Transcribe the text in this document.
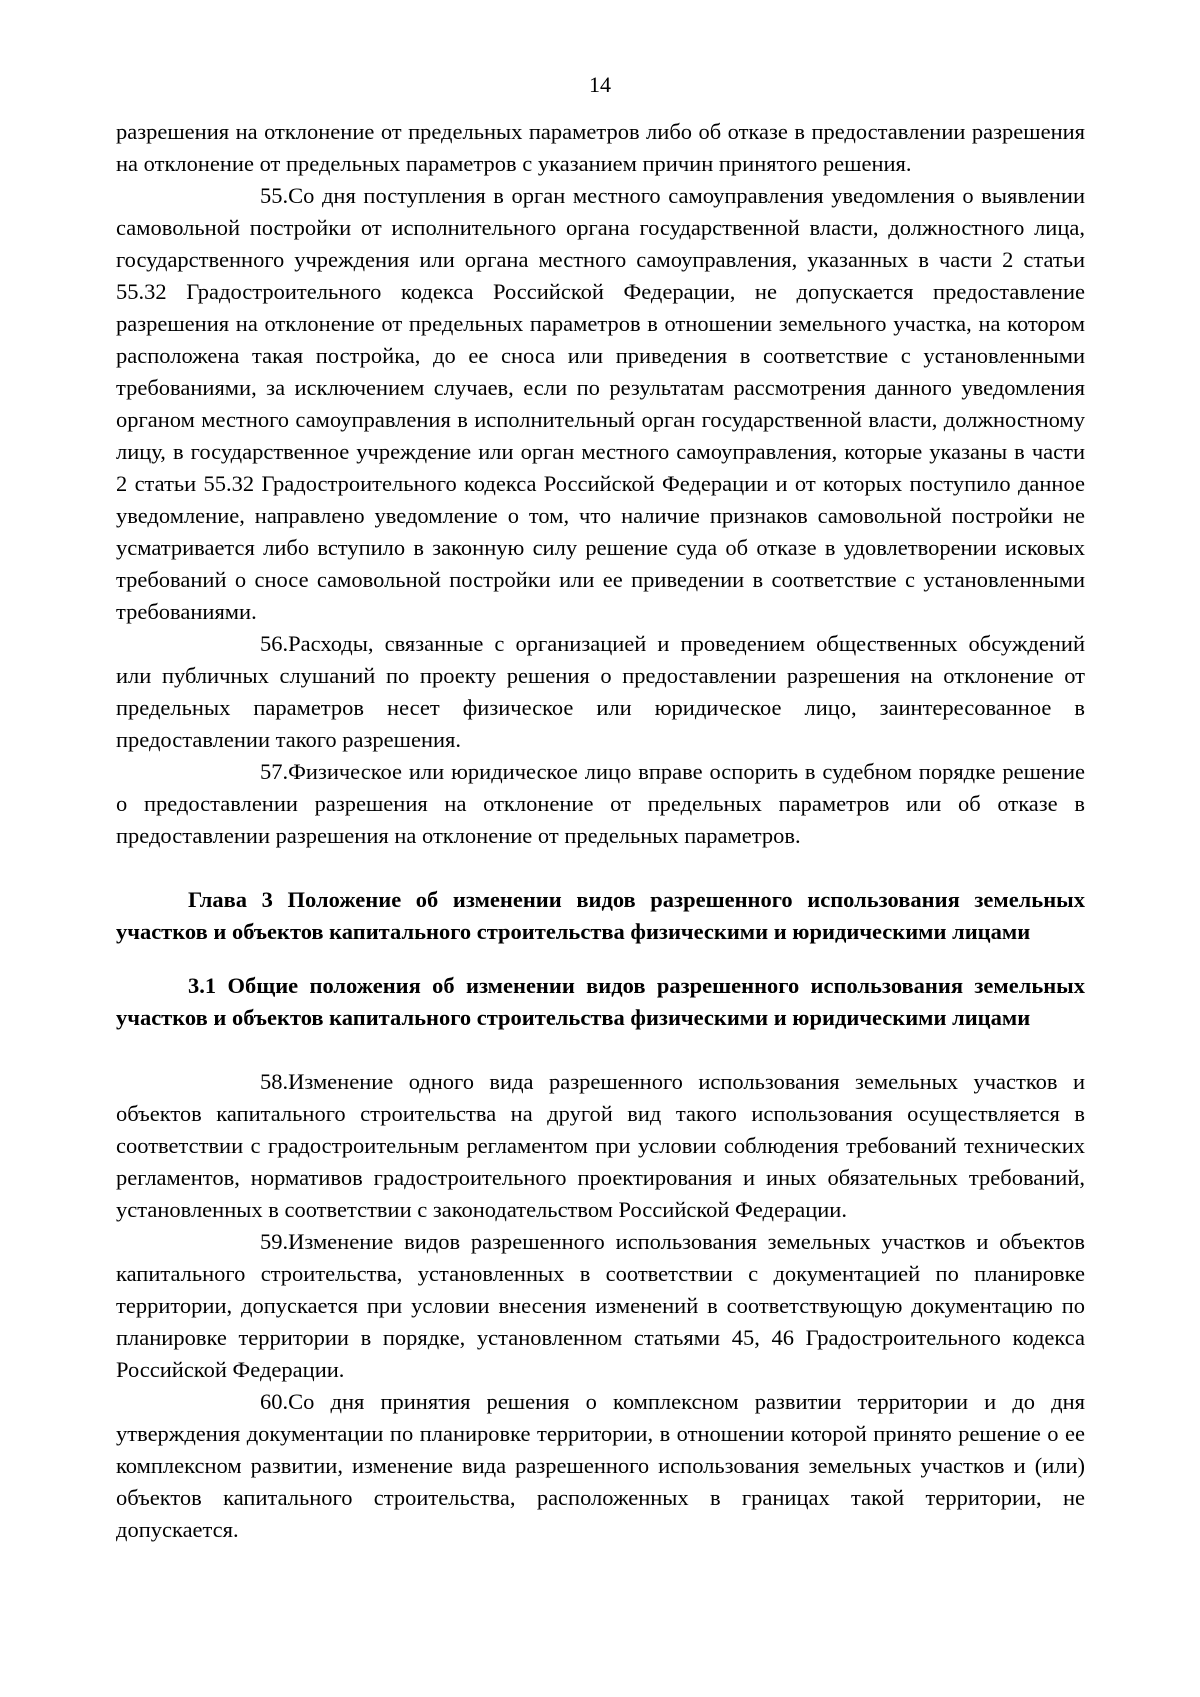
14

разрешения на отклонение от предельных параметров либо об отказе в предоставлении разрешения на отклонение от предельных параметров с указанием причин принятого решения.

55.Со дня поступления в орган местного самоуправления уведомления о выявлении самовольной постройки от исполнительного органа государственной власти, должностного лица, государственного учреждения или органа местного самоуправления, указанных в части 2 статьи 55.32 Градостроительного кодекса Российской Федерации, не допускается предоставление разрешения на отклонение от предельных параметров в отношении земельного участка, на котором расположена такая постройка, до ее сноса или приведения в соответствие с установленными требованиями, за исключением случаев, если по результатам рассмотрения данного уведомления органом местного самоуправления в исполнительный орган государственной власти, должностному лицу, в государственное учреждение или орган местного самоуправления, которые указаны в части 2 статьи 55.32 Градостроительного кодекса Российской Федерации и от которых поступило данное уведомление, направлено уведомление о том, что наличие признаков самовольной постройки не усматривается либо вступило в законную силу решение суда об отказе в удовлетворении исковых требований о сносе самовольной постройки или ее приведении в соответствие с установленными требованиями.

56.Расходы, связанные с организацией и проведением общественных обсуждений или публичных слушаний по проекту решения о предоставлении разрешения на отклонение от предельных параметров несет физическое или юридическое лицо, заинтересованное в предоставлении такого разрешения.

57.Физическое или юридическое лицо вправе оспорить в судебном порядке решение о предоставлении разрешения на отклонение от предельных параметров или об отказе в предоставлении разрешения на отклонение от предельных параметров.

Глава 3 Положение об изменении видов разрешенного использования земельных участков и объектов капитального строительства физическими и юридическими лицами

3.1 Общие положения об изменении видов разрешенного использования земельных участков и объектов капитального строительства физическими и юридическими лицами

58.Изменение одного вида разрешенного использования земельных участков и объектов капитального строительства на другой вид такого использования осуществляется в соответствии с градостроительным регламентом при условии соблюдения требований технических регламентов, нормативов градостроительного проектирования и иных обязательных требований, установленных в соответствии с законодательством Российской Федерации.

59.Изменение видов разрешенного использования земельных участков и объектов капитального строительства, установленных в соответствии с документацией по планировке территории, допускается при условии внесения изменений в соответствующую документацию по планировке территории в порядке, установленном статьями 45, 46 Градостроительного кодекса Российской Федерации.

60.Со дня принятия решения о комплексном развитии территории и до дня утверждения документации по планировке территории, в отношении которой принято решение о ее комплексном развитии, изменение вида разрешенного использования земельных участков и (или) объектов капитального строительства, расположенных в границах такой территории, не допускается.
